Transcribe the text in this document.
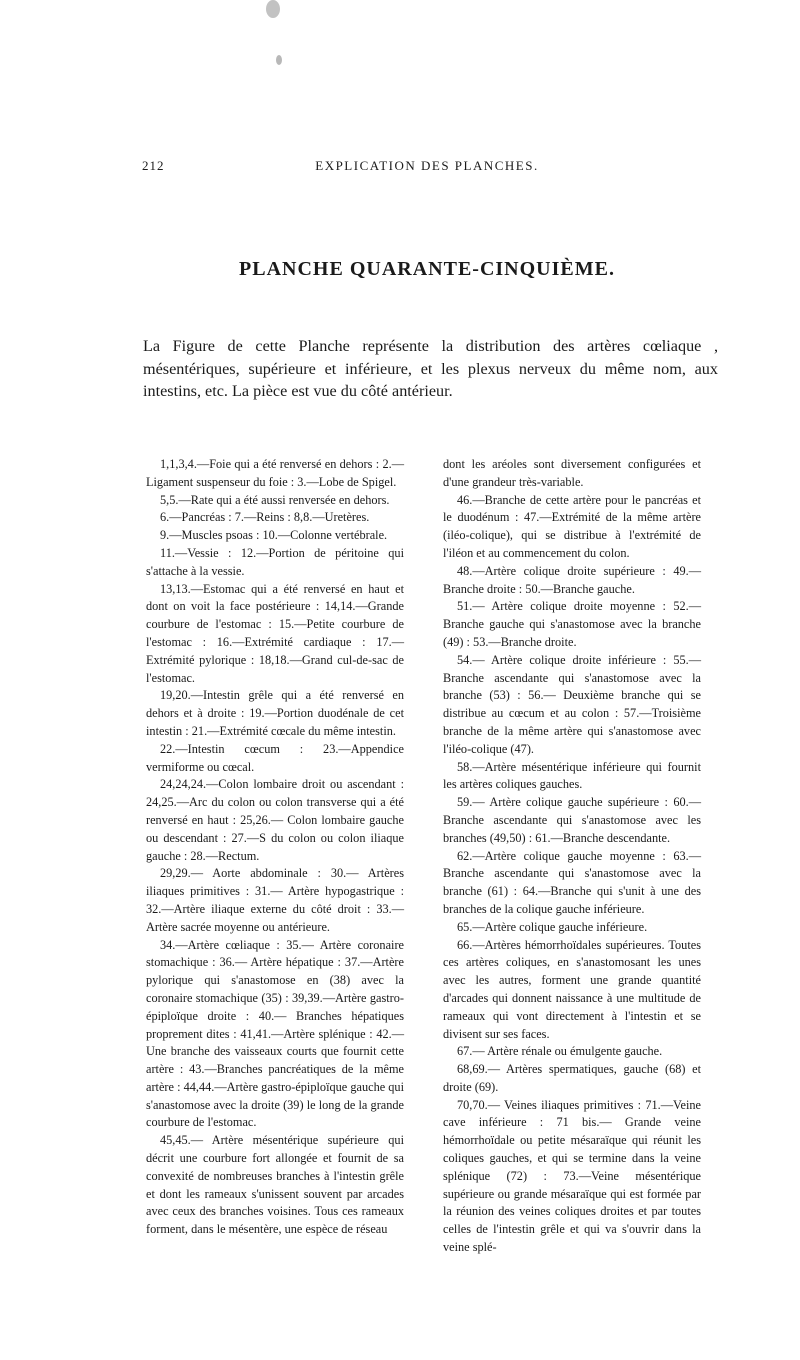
212	EXPLICATION DES PLANCHES.
PLANCHE QUARANTE-CINQUIÈME.
La Figure de cette Planche représente la distribution des artères cœliaque , mésentériques, supérieure et inférieure, et les plexus nerveux du même nom, aux intestins, etc. La pièce est vue du côté antérieur.

1,1,3,4.—Foie qui a été renversé en dehors : 2.—Ligament suspenseur du foie : 3.—Lobe de Spigel.

5,5.—Rate qui a été aussi renversée en dehors.

6.—Pancréas : 7.—Reins : 8,8.—Uretères.

9.—Muscles psoas : 10.—Colonne vertébrale.

11.—Vessie : 12.—Portion de péritoine qui s'attache à la vessie.

13,13.—Estomac qui a été renversé en haut et dont on voit la face postérieure : 14,14.—Grande courbure de l'estomac : 15.—Petite courbure de l'estomac : 16.—Extrémité cardiaque : 17.—Extrémité pylorique : 18,18.—Grand cul-de-sac de l'estomac.

19,20.—Intestin grêle qui a été renversé en dehors et à droite : 19.—Portion duodénale de cet intestin : 21.—Extrémité cœcale du même intestin.

22.—Intestin cœcum : 23.—Appendice vermiforme ou cœcal.

24,24,24.—Colon lombaire droit ou ascendant : 24,25.—Arc du colon ou colon transverse qui a été renversé en haut : 25,26.— Colon lombaire gauche ou descendant : 27.—S du colon ou colon iliaque gauche : 28.—Rectum.

29,29.— Aorte abdominale : 30.— Artères iliaques primitives : 31.— Artère hypogastrique : 32.—Artère iliaque externe du côté droit : 33.— Artère sacrée moyenne ou antérieure.

34.—Artère cœliaque : 35.— Artère coronaire stomachique : 36.— Artère hépatique : 37.—Artère pylorique qui s'anastomose en (38) avec la coronaire stomachique (35) : 39,39.—Artère gastro-épiploïque droite : 40.— Branches hépatiques proprement dites : 41,41.—Artère splénique : 42.—Une branche des vaisseaux courts que fournit cette artère : 43.—Branches pancréatiques de la même artère : 44,44.—Artère gastro-épiploïque gauche qui s'anastomose avec la droite (39) le long de la grande courbure de l'estomac.

45,45.— Artère mésentérique supérieure qui décrit une courbure fort allongée et fournit de sa convexité de nombreuses branches à l'intestin grêle et dont les rameaux s'unissent souvent par arcades avec ceux des branches voisines. Tous ces rameaux forment, dans le mésentère, une espèce de réseau

dont les aréoles sont diversement configurées et d'une grandeur très-variable.

46.—Branche de cette artère pour le pancréas et le duodénum : 47.—Extrémité de la même artère (iléo-colique), qui se distribue à l'extrémité de l'iléon et au commencement du colon.

48.—Artère colique droite supérieure : 49.—Branche droite : 50.—Branche gauche.

51.— Artère colique droite moyenne : 52.—Branche gauche qui s'anastomose avec la branche (49) : 53.—Branche droite.

54.— Artère colique droite inférieure : 55.—Branche ascendante qui s'anastomose avec la branche (53) : 56.— Deuxième branche qui se distribue au cœcum et au colon : 57.—Troisième branche de la même artère qui s'anastomose avec l'iléo-colique (47).

58.—Artère mésentérique inférieure qui fournit les artères coliques gauches.

59.— Artère colique gauche supérieure : 60.—Branche ascendante qui s'anastomose avec les branches (49,50) : 61.—Branche descendante.

62.—Artère colique gauche moyenne : 63.—Branche ascendante qui s'anastomose avec la branche (61) : 64.—Branche qui s'unit à une des branches de la colique gauche inférieure.

65.—Artère colique gauche inférieure.

66.—Artères hémorrhoïdales supérieures. Toutes ces artères coliques, en s'anastomosant les unes avec les autres, forment une grande quantité d'arcades qui donnent naissance à une multitude de rameaux qui vont directement à l'intestin et se divisent sur ses faces.

67.— Artère rénale ou émulgente gauche.

68,69.— Artères spermatiques, gauche (68) et droite (69).

70,70.— Veines iliaques primitives : 71.—Veine cave inférieure : 71 bis.— Grande veine hémorrhoïdale ou petite mésaraïque qui réunit les coliques gauches, et qui se termine dans la veine splénique (72) : 73.—Veine mésentérique supérieure ou grande mésaraïque qui est formée par la réunion des veines coliques droites et par toutes celles de l'intestin grêle et qui va s'ouvrir dans la veine splé-
